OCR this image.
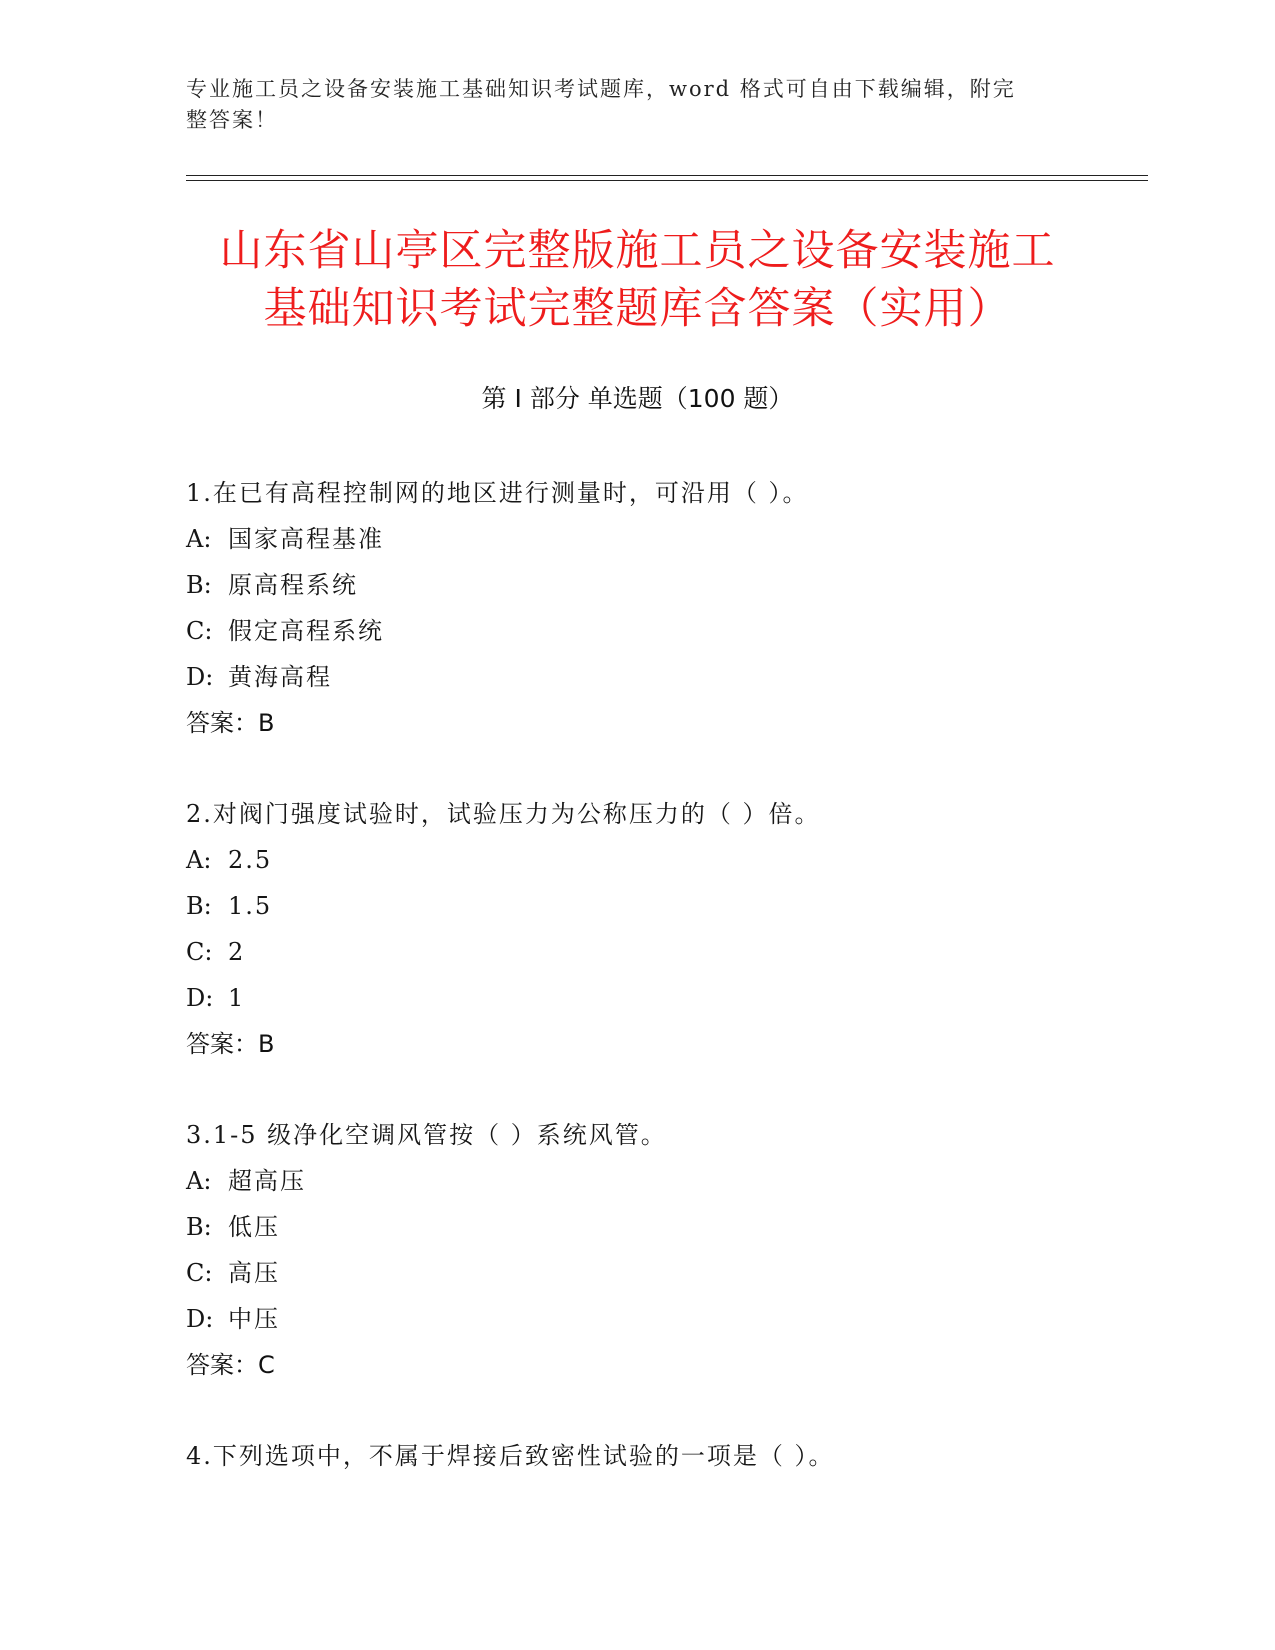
专业施工员之设备安装施工基础知识考试题库，word 格式可自由下载编辑，附完
整答案！
山东省山亭区完整版施工员之设备安装施工
基础知识考试完整题库含答案（实用）
第 I 部分 单选题（100 题）
1.在已有高程控制网的地区进行测量时，可沿用（ ）。
A: 国家高程基准
B: 原高程系统
C: 假定高程系统
D: 黄海高程
答案：B
2.对阀门强度试验时，试验压力为公称压力的（ ）倍。
A: 2.5
B: 1.5
C: 2
D: 1
答案：B
3.1-5 级净化空调风管按（ ）系统风管。
A: 超高压
B: 低压
C: 高压
D: 中压
答案：C
4.下列选项中，不属于焊接后致密性试验的一项是（ ）。
